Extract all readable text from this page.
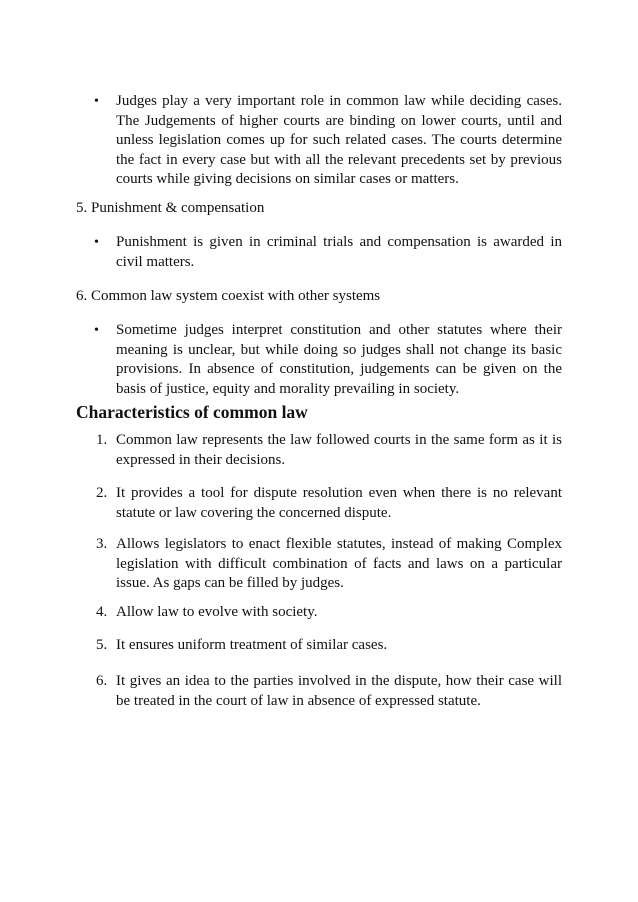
•	Judges play a very important role in common law while deciding cases. The Judgements of higher courts are binding on lower courts, until and unless legislation comes up for such related cases. The courts determine the fact in every case but with all the relevant precedents set by previous courts while giving decisions on similar cases or matters.
5. Punishment & compensation
•	Punishment is given in criminal trials and compensation is awarded in civil matters.
6. Common law system coexist with other systems
•	Sometime judges interpret constitution and other statutes where their meaning is unclear, but while doing so judges shall not change its basic provisions. In absence of constitution, judgements can be given on the basis of justice, equity and morality prevailing in society.
Characteristics of common law
1. Common law represents the law followed courts in the same form as it is expressed in their decisions.
2. It provides a tool for dispute resolution even when there is no relevant statute or law covering the concerned dispute.
3. Allows legislators to enact flexible statutes, instead of making Complex legislation with difficult combination of facts and laws on a particular issue. As gaps can be filled by judges.
4. Allow law to evolve with society.
5. It ensures uniform treatment of similar cases.
6. It gives an idea to the parties involved in the dispute, how their case will be treated in the court of law in absence of expressed statute.
